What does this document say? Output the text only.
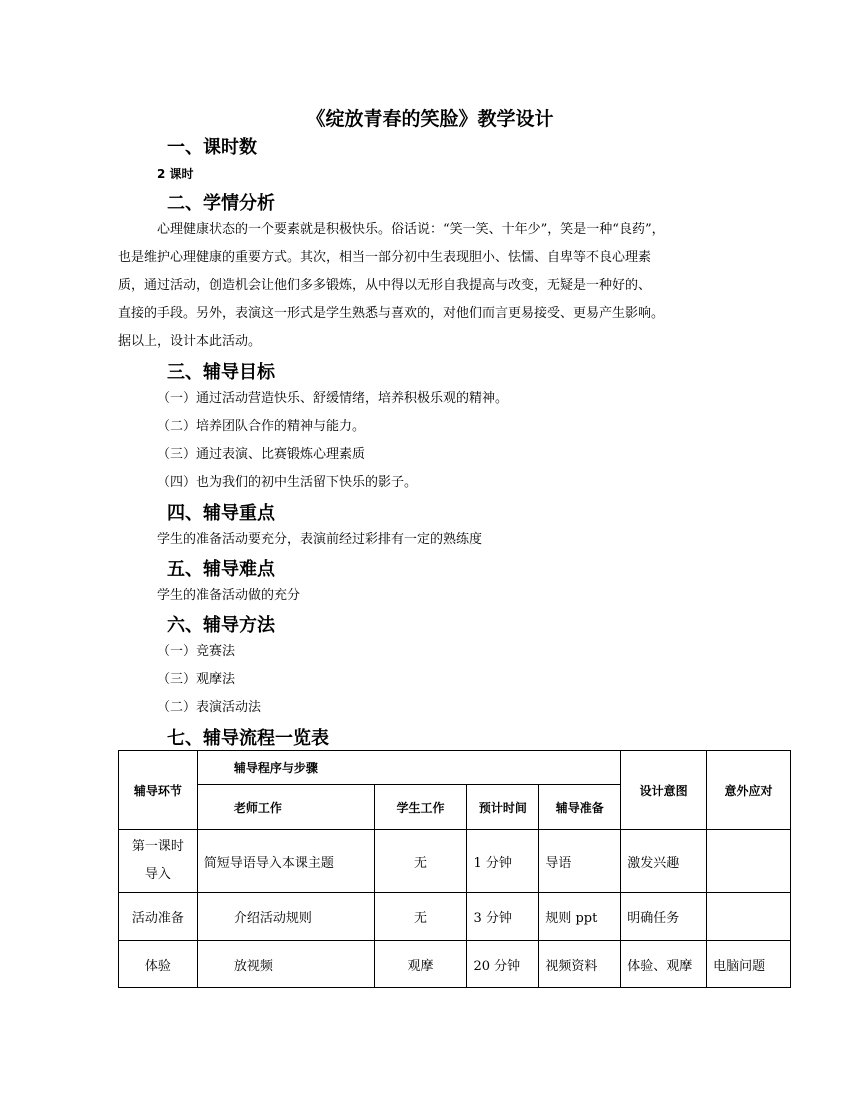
《绽放青春的笑脸》教学设计
一、课时数
2 课时
二、学情分析
心理健康状态的一个要素就是积极快乐。俗话说：“笑一笑、十年少”，笑是一种“良药”，
也是维护心理健康的重要方式。其次，相当一部分初中生表现胆小、怯懦、自卑等不良心理素
质，通过活动，创造机会让他们多多锻炼，从中得以无形自我提高与改变，无疑是一种好的、
直接的手段。另外，表演这一形式是学生熟悉与喜欢的，对他们而言更易接受、更易产生影响。
据以上，设计本此活动。
三、辅导目标
（一）通过活动营造快乐、舒缓情绪，培养积极乐观的精神。
（二）培养团队合作的精神与能力。
（三）通过表演、比赛锻炼心理素质
（四）也为我们的初中生活留下快乐的影子。
四、辅导重点
学生的准备活动要充分，表演前经过彩排有一定的熟练度
五、辅导难点
学生的准备活动做的充分
六、辅导方法
（一）竞赛法
（三）观摩法
（二）表演活动法
七、辅导流程一览表
辅导环节	辅导程序与步骤				设计意图	意外应对
	老师工作	学生工作	预计时间	辅导准备		
第一课时
导入	简短导语导入本课主题	无	1 分钟	导语	激发兴趣	
活动准备	介绍活动规则	无	3 分钟	规则 ppt	明确任务	
体验	放视频	观摩	20 分钟	视频资料	体验、观摩	电脑问题
